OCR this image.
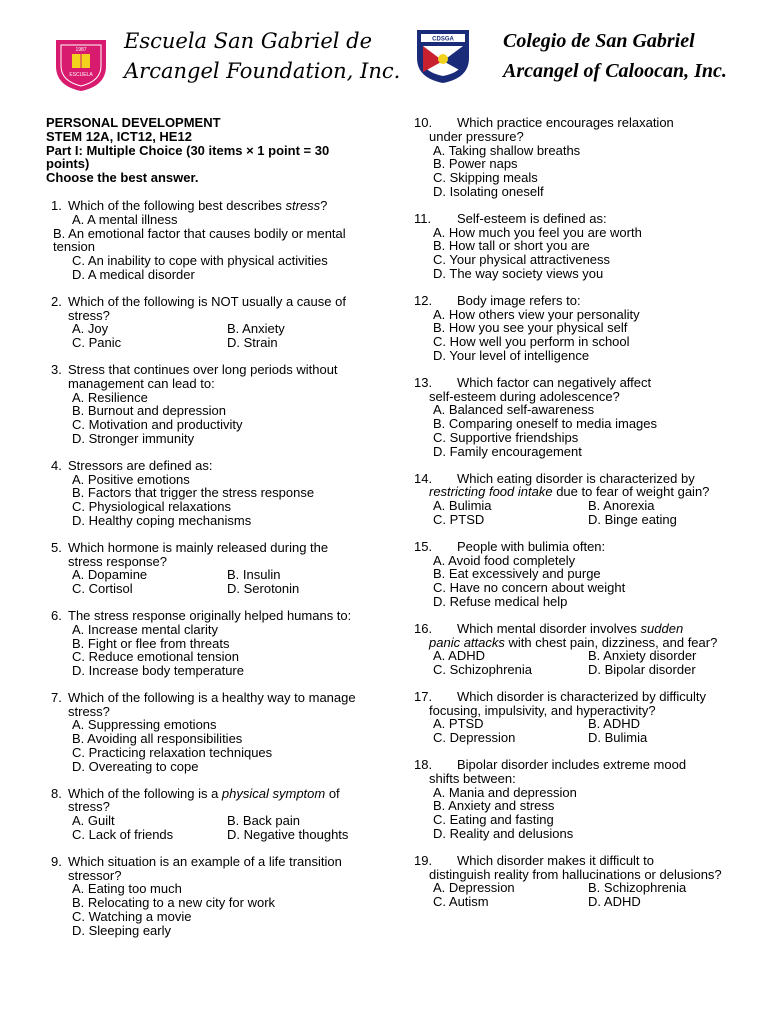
1987
ESCUELA
Escuela San Gabriel de
Arcangel Foundation, Inc.
CDSGA Colegio de San Gabriel
Arcangel of Caloocan, Inc.
PERSONAL DEVELOPMENT
STEM 12A, ICT12, HE12
Part I: Multiple Choice (30 items × 1 point = 30 points)
Choose the best answer.
1. Which of the following best describes stress?
A. A mental illness
B. An emotional factor that causes bodily or mental tension
C. An inability to cope with physical activities
D. A medical disorder
2. Which of the following is NOT usually a cause of stress?
A. Joy	B. Anxiety
C. Panic	D. Strain
3. Stress that continues over long periods without management can lead to:
A. Resilience
B. Burnout and depression
C. Motivation and productivity
D. Stronger immunity
4. Stressors are defined as:
A. Positive emotions
B. Factors that trigger the stress response
C. Physiological relaxations
D. Healthy coping mechanisms
5. Which hormone is mainly released during the stress response?
A. Dopamine	B. Insulin
C. Cortisol	D. Serotonin
6. The stress response originally helped humans to:
A. Increase mental clarity
B. Fight or flee from threats
C. Reduce emotional tension
D. Increase body temperature
7. Which of the following is a healthy way to manage stress?
A. Suppressing emotions
B. Avoiding all responsibilities
C. Practicing relaxation techniques
D. Overeating to cope
8. Which of the following is a physical symptom of stress?
A. Guilt	B. Back pain
C. Lack of friends	D. Negative thoughts
9. Which situation is an example of a life transition stressor?
A. Eating too much
B. Relocating to a new city for work
C. Watching a movie
D. Sleeping early
10.	Which practice encourages relaxation
under pressure?
A. Taking shallow breaths
B. Power naps
C. Skipping meals
D. Isolating oneself
11.	Self-esteem is defined as:
A. How much you feel you are worth
B. How tall or short you are
C. Your physical attractiveness
D. The way society views you
12.	Body image refers to:
A. How others view your personality
B. How you see your physical self
C. How well you perform in school
D. Your level of intelligence
13.	Which factor can negatively affect
self-esteem during adolescence?
A. Balanced self-awareness
B. Comparing oneself to media images
C. Supportive friendships
D. Family encouragement
14.	Which eating disorder is characterized by
restricting food intake due to fear of weight gain?
A. Bulimia	B. Anorexia
C. PTSD	D. Binge eating
15.	People with bulimia often:
A. Avoid food completely
B. Eat excessively and purge
C. Have no concern about weight
D. Refuse medical help
16.	Which mental disorder involves sudden
panic attacks with chest pain, dizziness, and fear?
A. ADHD	B. Anxiety disorder
C. Schizophrenia	D. Bipolar disorder
17.	Which disorder is characterized by difficulty
focusing, impulsivity, and hyperactivity?
A. PTSD	B. ADHD
C. Depression	D. Bulimia
18.	Bipolar disorder includes extreme mood
shifts between:
A. Mania and depression
B. Anxiety and stress
C. Eating and fasting
D. Reality and delusions
19.	Which disorder makes it difficult to
distinguish reality from hallucinations or delusions?
A. Depression	B. Schizophrenia
C. Autism	D. ADHD
